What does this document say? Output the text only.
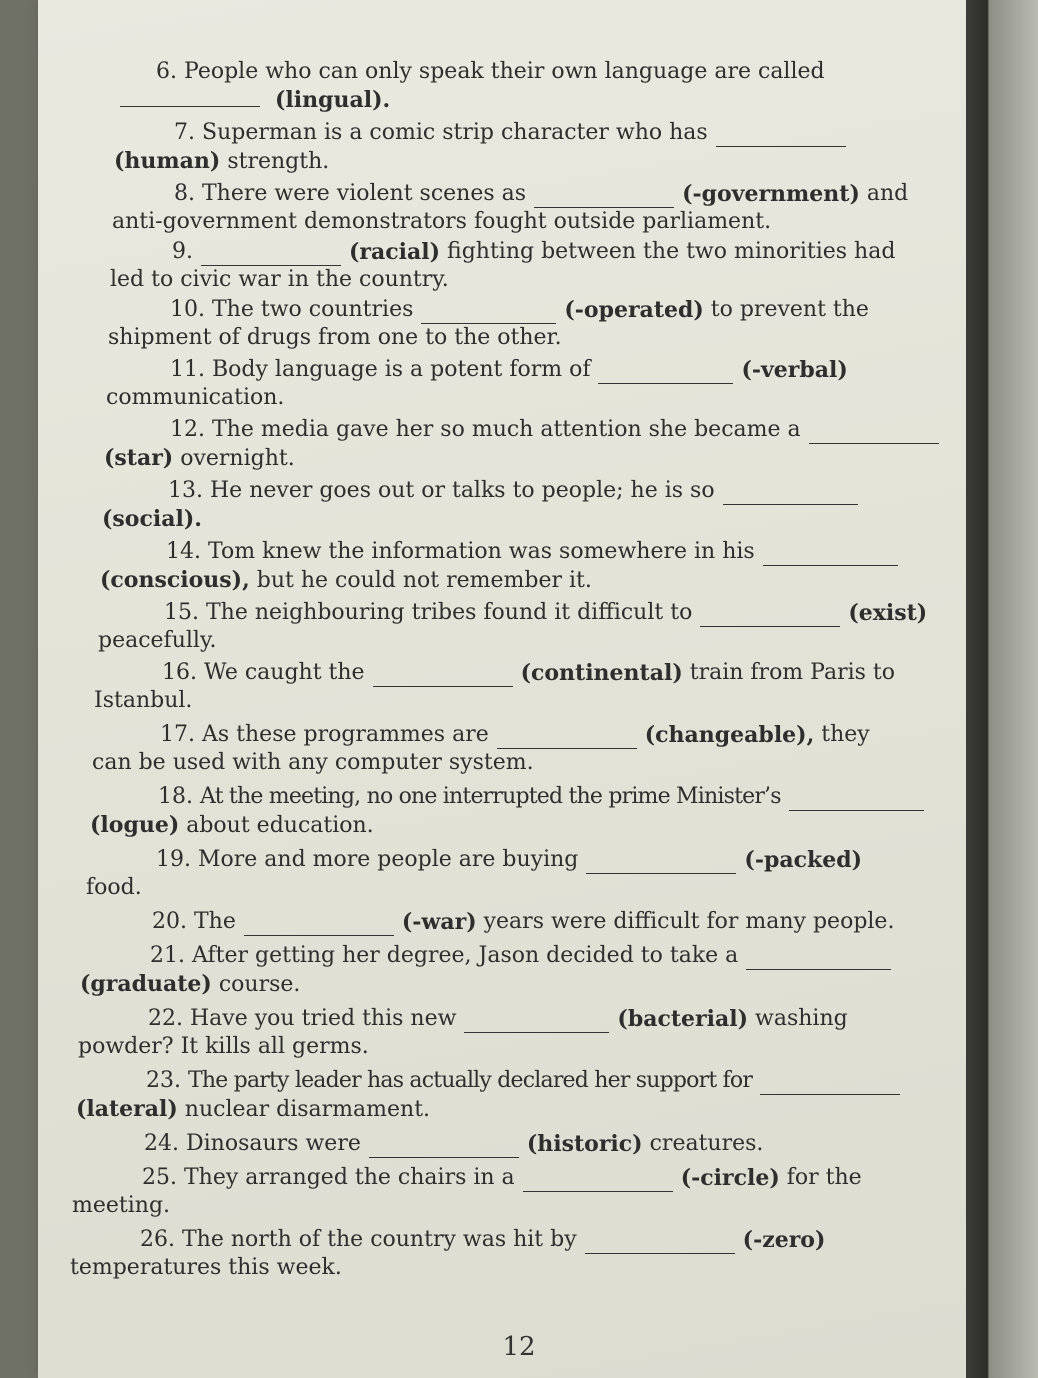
6.
People who can only speak their own language are called
(lingual).
7.
Superman is a comic strip character who has
(human) strength.
8.
There were violent scenes as	(-government)
and
anti-government demonstrators fought outside parliament.
9.	(racial)
fighting between the two minorities had
led to civic war in the country.
10.
The two countries	(-operated)
to prevent the
shipment of drugs from one to the other.
11.
Body language is a potent form of	(-verbal)
communication.
12.
The media gave her so much attention she became a
(star) overnight.
13.
He never goes out or talks to people; he is so
(social).
14.
Tom knew the information was somewhere in his
(conscious), but he could not remember it.
15.
The neighbouring tribes found it difficult to	(exist)
peacefully.
16.
We caught the	(continental)
train from Paris to
Istanbul.
17.
As these programmes are	(changeable),
they
can be used with any computer system.
18.
At the meeting, no one interrupted the prime Minister’s
(logue) about education.
19.
More and more people are buying	(-packed)
food.
20.
The	(-war)
years were difficult for many people.
21.
After getting her degree, Jason decided to take a
(graduate) course.
22.
Have you tried this new	(bacterial)
washing
powder? It kills all germs.
23.
The party leader has actually declared her support for
(lateral) nuclear disarmament.
24.
Dinosaurs were	(historic)
creatures.
25.
They arranged the chairs in a	(-circle)
for the
meeting.
26.
The north of the country was hit by	(-zero)
temperatures this week.
12
